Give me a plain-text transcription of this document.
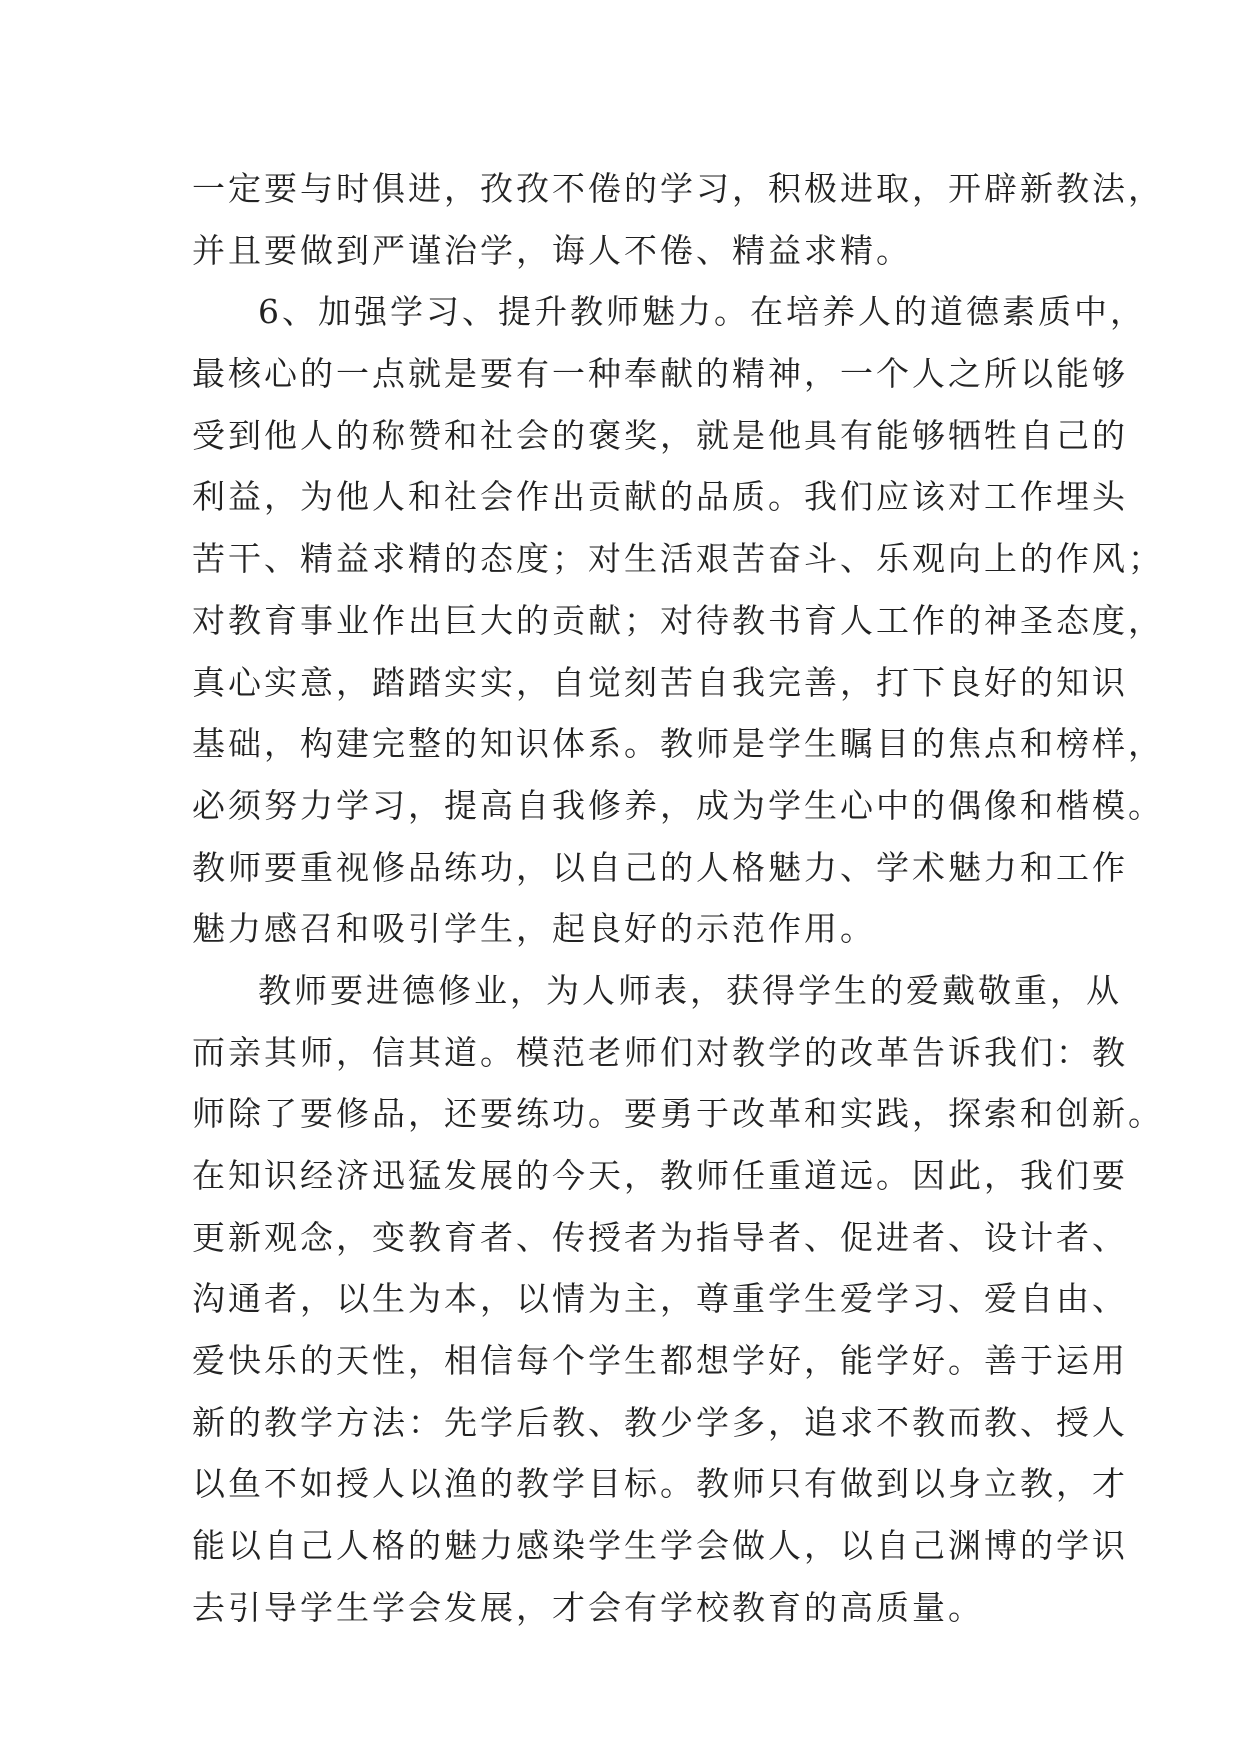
一定要与时俱进，孜孜不倦的学习，积极进取，开辟新教法，
并且要做到严谨治学，诲人不倦、精益求精。
6、加强学习、提升教师魅力。在培养人的道德素质中，
最核心的一点就是要有一种奉献的精神，一个人之所以能够
受到他人的称赞和社会的褒奖，就是他具有能够牺牲自己的
利益，为他人和社会作出贡献的品质。我们应该对工作埋头
苦干、精益求精的态度；对生活艰苦奋斗、乐观向上的作风；
对教育事业作出巨大的贡献；对待教书育人工作的神圣态度，
真心实意，踏踏实实，自觉刻苦自我完善，打下良好的知识
基础，构建完整的知识体系。教师是学生瞩目的焦点和榜样，
必须努力学习，提高自我修养，成为学生心中的偶像和楷模。
教师要重视修品练功，以自己的人格魅力、学术魅力和工作
魅力感召和吸引学生，起良好的示范作用。
教师要进德修业，为人师表，获得学生的爱戴敬重，从
而亲其师，信其道。模范老师们对教学的改革告诉我们：教
师除了要修品，还要练功。要勇于改革和实践，探索和创新。
在知识经济迅猛发展的今天，教师任重道远。因此，我们要
更新观念，变教育者、传授者为指导者、促进者、设计者、
沟通者，以生为本，以情为主，尊重学生爱学习、爱自由、
爱快乐的天性，相信每个学生都想学好，能学好。善于运用
新的教学方法：先学后教、教少学多，追求不教而教、授人
以鱼不如授人以渔的教学目标。教师只有做到以身立教，才
能以自己人格的魅力感染学生学会做人，以自己渊博的学识
去引导学生学会发展，才会有学校教育的高质量。
